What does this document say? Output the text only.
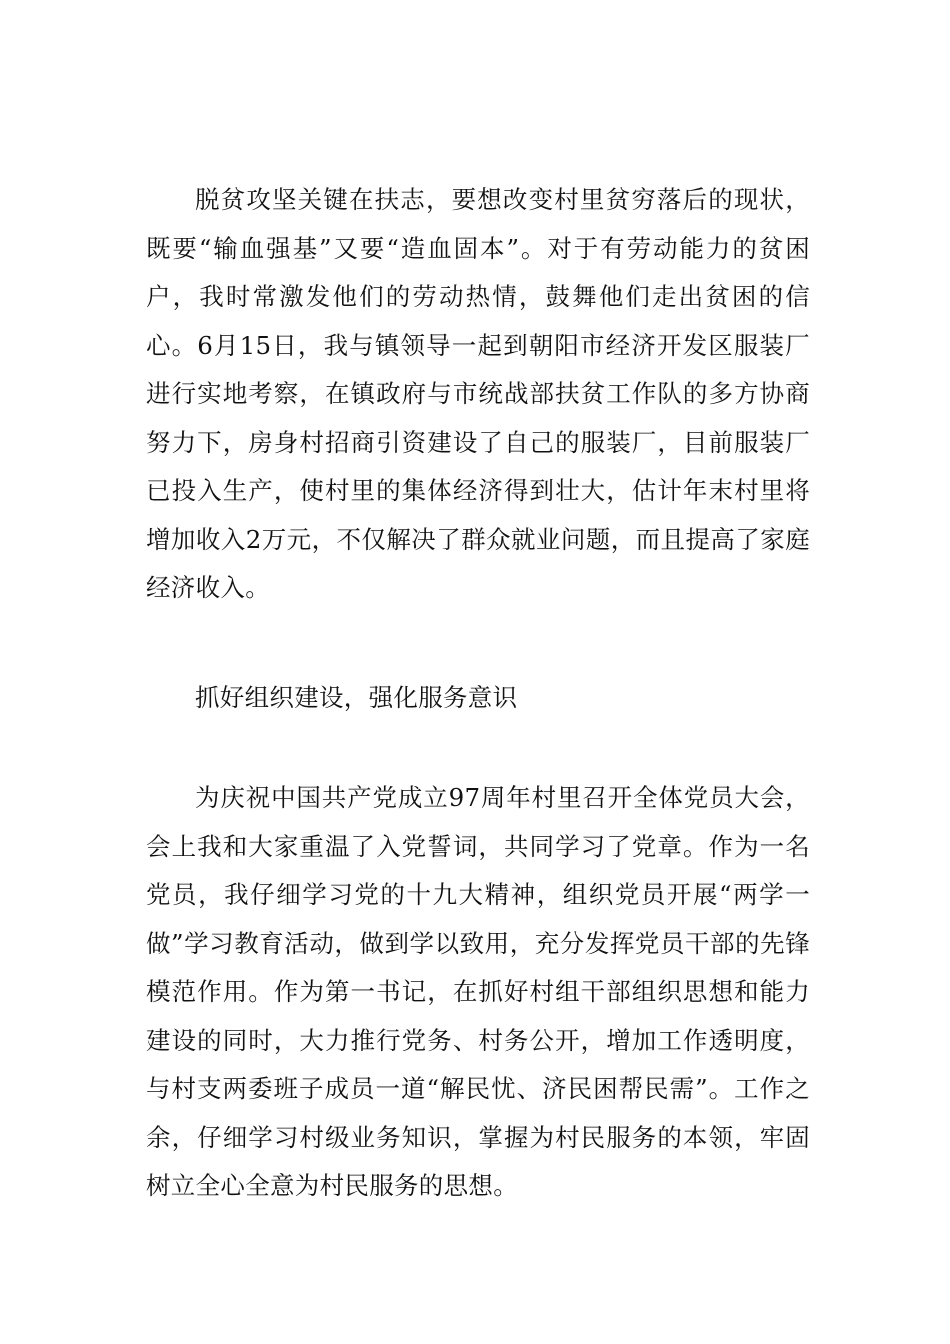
脱贫攻坚关键在扶志，要想改变村里贫穷落后的现状，既要“输血强基”又要“造血固本”。对于有劳动能力的贫困户，我时常激发他们的劳动热情，鼓舞他们走出贫困的信心。6月15日，我与镇领导一起到朝阳市经济开发区服装厂进行实地考察，在镇政府与市统战部扶贫工作队的多方协商努力下，房身村招商引资建设了自己的服装厂，目前服装厂已投入生产，使村里的集体经济得到壮大，估计年末村里将增加收入2万元，不仅解决了群众就业问题，而且提高了家庭经济收入。

抓好组织建设，强化服务意识

为庆祝中国共产党成立97周年村里召开全体党员大会，会上我和大家重温了入党誓词，共同学习了党章。作为一名党员，我仔细学习党的十九大精神，组织党员开展“两学一做”学习教育活动，做到学以致用，充分发挥党员干部的先锋模范作用。作为第一书记，在抓好村组干部组织思想和能力建设的同时，大力推行党务、村务公开，增加工作透明度，与村支两委班子成员一道“解民忧、济民困帮民需”。工作之余，仔细学习村级业务知识，掌握为村民服务的本领，牢固树立全心全意为村民服务的思想。
